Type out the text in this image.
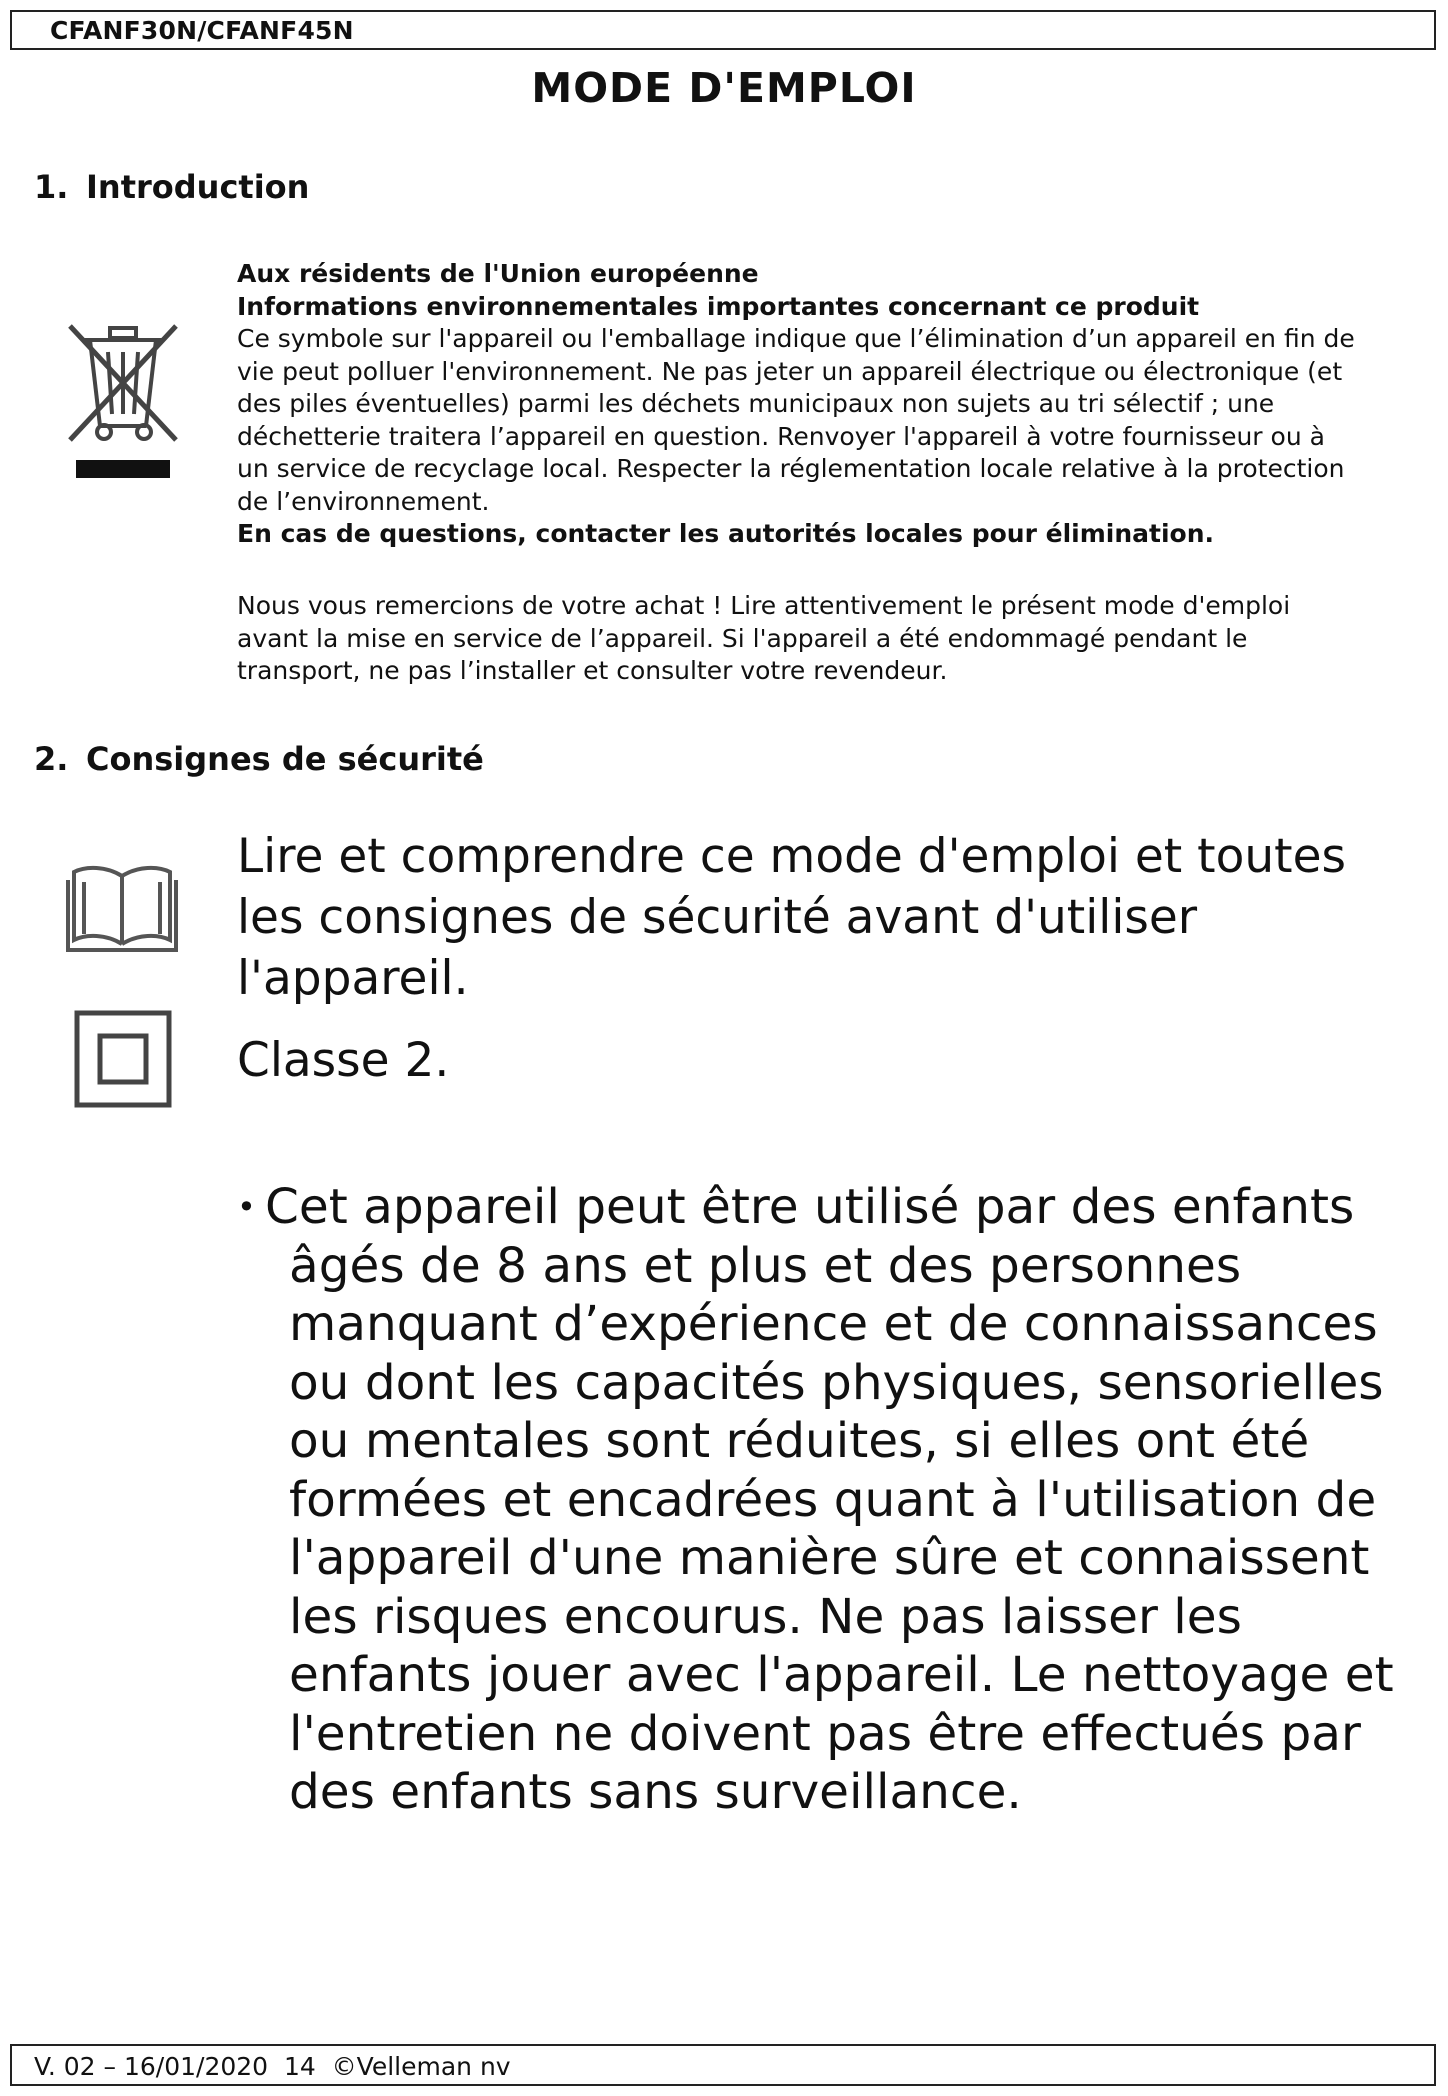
CFANF30N/CFANF45N
MODE D'EMPLOI
1. Introduction

Aux résidents de l'Union européenne

Informations environnementales importantes concernant ce produit

Ce symbole sur l'appareil ou l'emballage indique que l’élimination d’un appareil en fin de

vie peut polluer l'environnement. Ne pas jeter un appareil électrique ou électronique (et

des piles éventuelles) parmi les déchets municipaux non sujets au tri sélectif ; une

déchetterie traitera l’appareil en question. Renvoyer l'appareil à votre fournisseur ou à

un service de recyclage local. Respecter la réglementation locale relative à la protection

de l’environnement.

En cas de questions, contacter les autorités locales pour élimination.

Nous vous remercions de votre achat ! Lire attentivement le présent mode d'emploi

avant la mise en service de l’appareil. Si l'appareil a été endommagé pendant le

transport, ne pas l’installer et consulter votre revendeur.

2. Consignes de sécurité
Lire et comprendre ce mode d'emploi et toutes
les consignes de sécurité avant d'utiliser
l'appareil.
Classe 2.
• Cet appareil peut être utilisé par des enfants
âgés de 8 ans et plus et des personnes
manquant d’expérience et de connaissances
ou dont les capacités physiques, sensorielles
ou mentales sont réduites, si elles ont été
formées et encadrées quant à l'utilisation de
l'appareil d'une manière sûre et connaissent
les risques encourus. Ne pas laisser les
enfants jouer avec l'appareil. Le nettoyage et
l'entretien ne doivent pas être effectués par
des enfants sans surveillance.
V. 02 – 16/01/2020  14  ©Velleman nv
